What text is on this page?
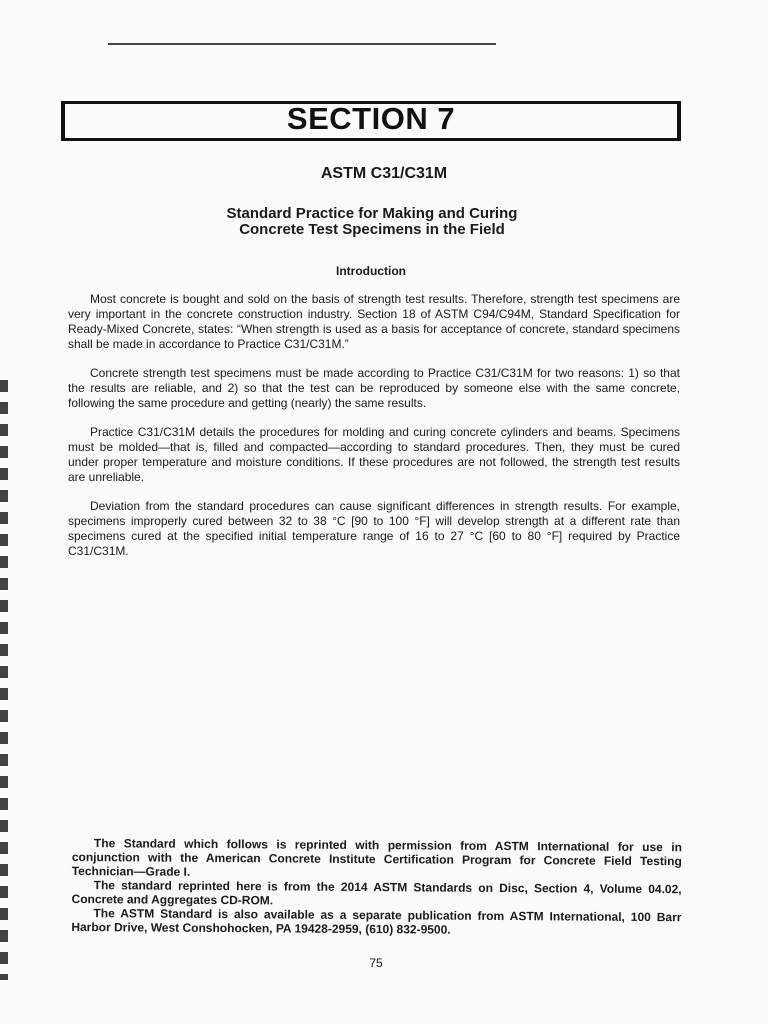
SECTION 7
ASTM C31/C31M
Standard Practice for Making and Curing
Concrete Test Specimens in the Field
Introduction

Most concrete is bought and sold on the basis of strength test results. Therefore, strength test specimens are very important in the concrete construction industry. Section 18 of ASTM C94/C94M, Standard Specification for Ready-Mixed Concrete, states: “When strength is used as a basis for acceptance of concrete, standard specimens shall be made in accordance to Practice C31/C31M.”

Concrete strength test specimens must be made according to Practice C31/C31M for two reasons: 1) so that the results are reliable, and 2) so that the test can be reproduced by someone else with the same concrete, following the same procedure and getting (nearly) the same results.

Practice C31/C31M details the procedures for molding and curing concrete cylinders and beams. Specimens must be molded—that is, filled and compacted—according to standard procedures. Then, they must be cured under proper temperature and moisture conditions. If these procedures are not followed, the strength test results are unreliable.

Deviation from the standard procedures can cause significant differences in strength results. For example, specimens improperly cured between 32 to 38 °C [90 to 100 °F] will develop strength at a different rate than specimens cured at the specified initial temperature range of 16 to 27 °C [60 to 80 °F] required by Practice C31/C31M.

The Standard which follows is reprinted with permission from ASTM International for use in conjunction with the American Concrete Institute Certification Program for Concrete Field Testing Technician—Grade I.

The standard reprinted here is from the 2014 ASTM Standards on Disc, Section 4, Volume 04.02, Concrete and Aggregates CD-ROM.

The ASTM Standard is also available as a separate publication from ASTM International, 100 Barr Harbor Drive, West Conshohocken, PA 19428-2959, (610) 832-9500.

75
